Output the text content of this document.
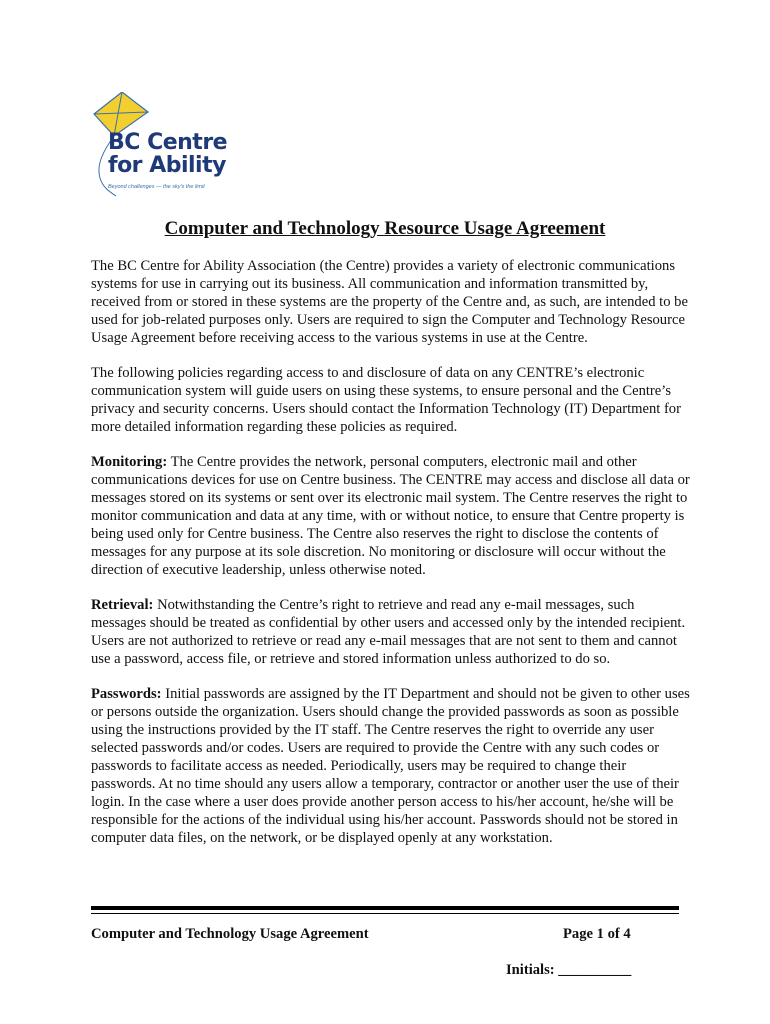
BC Centre
for Ability
Beyond challenges — the sky's the limit
Computer and Technology Resource Usage Agreement

The BC Centre for Ability Association (the Centre) provides a variety of electronic communications systems for use in carrying out its business. All communication and information transmitted by, received from or stored in these systems are the property of the Centre and, as such, are intended to be used for job-related purposes only. Users are required to sign the Computer and Technology Resource Usage Agreement before receiving access to the various systems in use at the Centre.

The following policies regarding access to and disclosure of data on any CENTRE’s electronic communication system will guide users on using these systems, to ensure personal and the Centre’s privacy and security concerns. Users should contact the Information Technology (IT) Department for more detailed information regarding these policies as required.

Monitoring: The Centre provides the network, personal computers, electronic mail and other communications devices for use on Centre business. The CENTRE may access and disclose all data or messages stored on its systems or sent over its electronic mail system. The Centre reserves the right to monitor communication and data at any time, with or without notice, to ensure that Centre property is being used only for Centre business. The Centre also reserves the right to disclose the contents of messages for any purpose at its sole discretion. No monitoring or disclosure will occur without the direction of executive leadership, unless otherwise noted.

Retrieval: Notwithstanding the Centre’s right to retrieve and read any e-mail messages, such messages should be treated as confidential by other users and accessed only by the intended recipient. Users are not authorized to retrieve or read any e-mail messages that are not sent to them and cannot use a password, access file, or retrieve and stored information unless authorized to do so.

Passwords: Initial passwords are assigned by the IT Department and should not be given to other uses or persons outside the organization. Users should change the provided passwords as soon as possible using the instructions provided by the IT staff. The Centre reserves the right to override any user selected passwords and/or codes. Users are required to provide the Centre with any such codes or passwords to facilitate access as needed. Periodically, users may be required to change their passwords. At no time should any users allow a temporary, contractor or another user the use of their login. In the case where a user does provide another person access to his/her account, he/she will be responsible for the actions of the individual using his/her account. Passwords should not be stored in computer data files, on the network, or be displayed openly at any workstation.

Computer and Technology Usage Agreement	Page 1 of 4
Initials: __________
